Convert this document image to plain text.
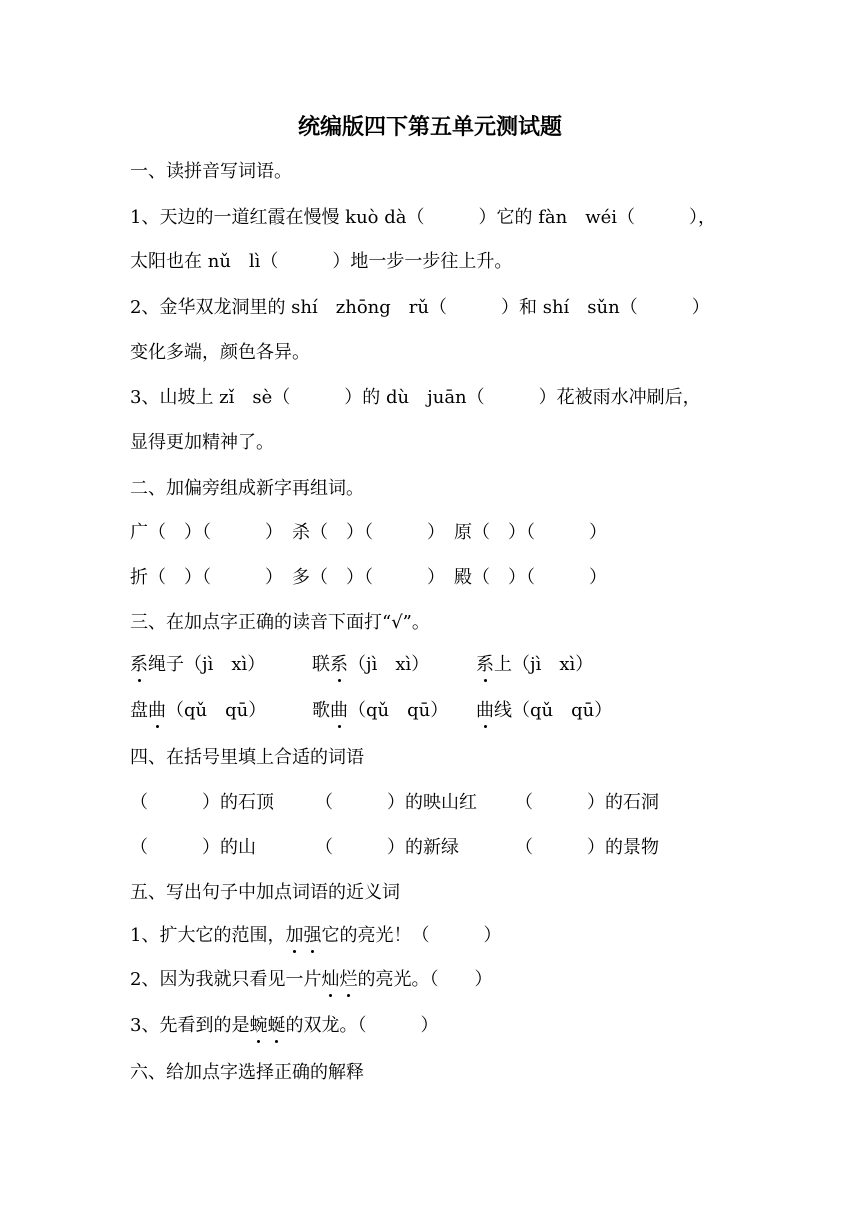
统编版四下第五单元测试题
一、读拼音写词语。
1、天边的一道红霞在慢慢 kuò dà（　　　）它的 fàn　wéi（　　　），
太阳也在 nǔ　lì（　　　）地一步一步往上升。
2、金华双龙洞里的 shí　zhōng　rǔ（　　　）和 shí　sǔn（　　　）
变化多端，颜色各异。
3、山坡上 zǐ　sè（　　　）的 dù　juān（　　　）花被雨水冲刷后，
显得更加精神了。
二、加偏旁组成新字再组词。
广（　）（　　　）　杀（　）（　　　）　原（　）（　　　）
折（　）（　　　）　多（　）（　　　）　殿（　）（　　　）
三、在加点字正确的读音下面打“√”。
系绳子（jì　xì）	联系（jì　xì）	系上（jì　xì）
盘曲（qǔ　qū）	歌曲（qǔ　qū） 曲线（qǔ　qū）
四、在括号里填上合适的词语
（　　　）的石顶 （　　　）的映山红 （　　　）的石洞
（　　　）的山	（　　　）的新绿	（　　　）的景物
五、写出句子中加点词语的近义词
1、扩大它的范围，加强它的亮光！（　　　）
2、因为我就只看见一片灿烂的亮光。（　　）
3、先看到的是蜿蜒的双龙。（　　　）
六、给加点字选择正确的解释
